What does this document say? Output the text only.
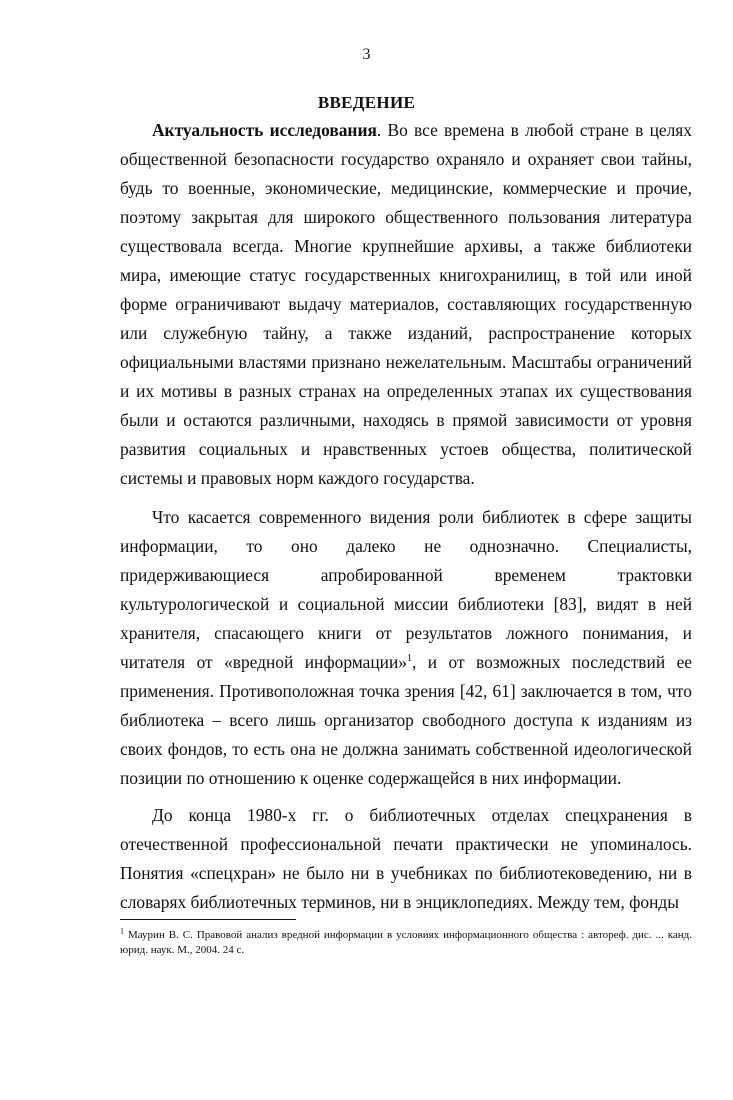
3
ВВЕДЕНИЕ

Актуальность исследования. Во все времена в любой стране в целях общественной безопасности государство охраняло и охраняет свои тайны, будь то военные, экономические, медицинские, коммерческие и прочие, поэтому закрытая для широкого общественного пользования литература существовала всегда. Многие крупнейшие архивы, а также библиотеки мира, имеющие статус государственных книгохранилищ, в той или иной форме ограничивают выдачу материалов, составляющих государственную или служебную тайну, а также изданий, распространение которых официальными властями признано нежелательным. Масштабы ограничений и их мотивы в разных странах на определенных этапах их существования были и остаются различными, находясь в прямой зависимости от уровня развития социальных и нравственных устоев общества, политической системы и правовых норм каждого государства.

Что касается современного видения роли библиотек в сфере защиты информации, то оно далеко не однозначно. Специалисты, придерживающиеся апробированной временем трактовки культурологической и социальной миссии библиотеки [83], видят в ней хранителя, спасающего книги от результатов ложного понимания, и читателя от «вредной информации»$^1$, и от возможных последствий ее применения. Противоположная точка зрения [42, 61] заключается в том, что библиотека – всего лишь организатор свободного доступа к изданиям из своих фондов, то есть она не должна занимать собственной идеологической позиции по отношению к оценке содержащейся в них информации.

До конца 1980-х гг. о библиотечных отделах спецхранения в отечественной профессиональной печати практически не упоминалось. Понятия «спецхран» не было ни в учебниках по библиотековедению, ни в словарях библиотечных терминов, ни в энциклопедиях. Между тем, фонды

$^1$ Маурин В. С. Правовой анализ вредной информации в условиях информационного общества : автореф. дис. ... канд. юрид. наук. М., 2004. 24 с.
